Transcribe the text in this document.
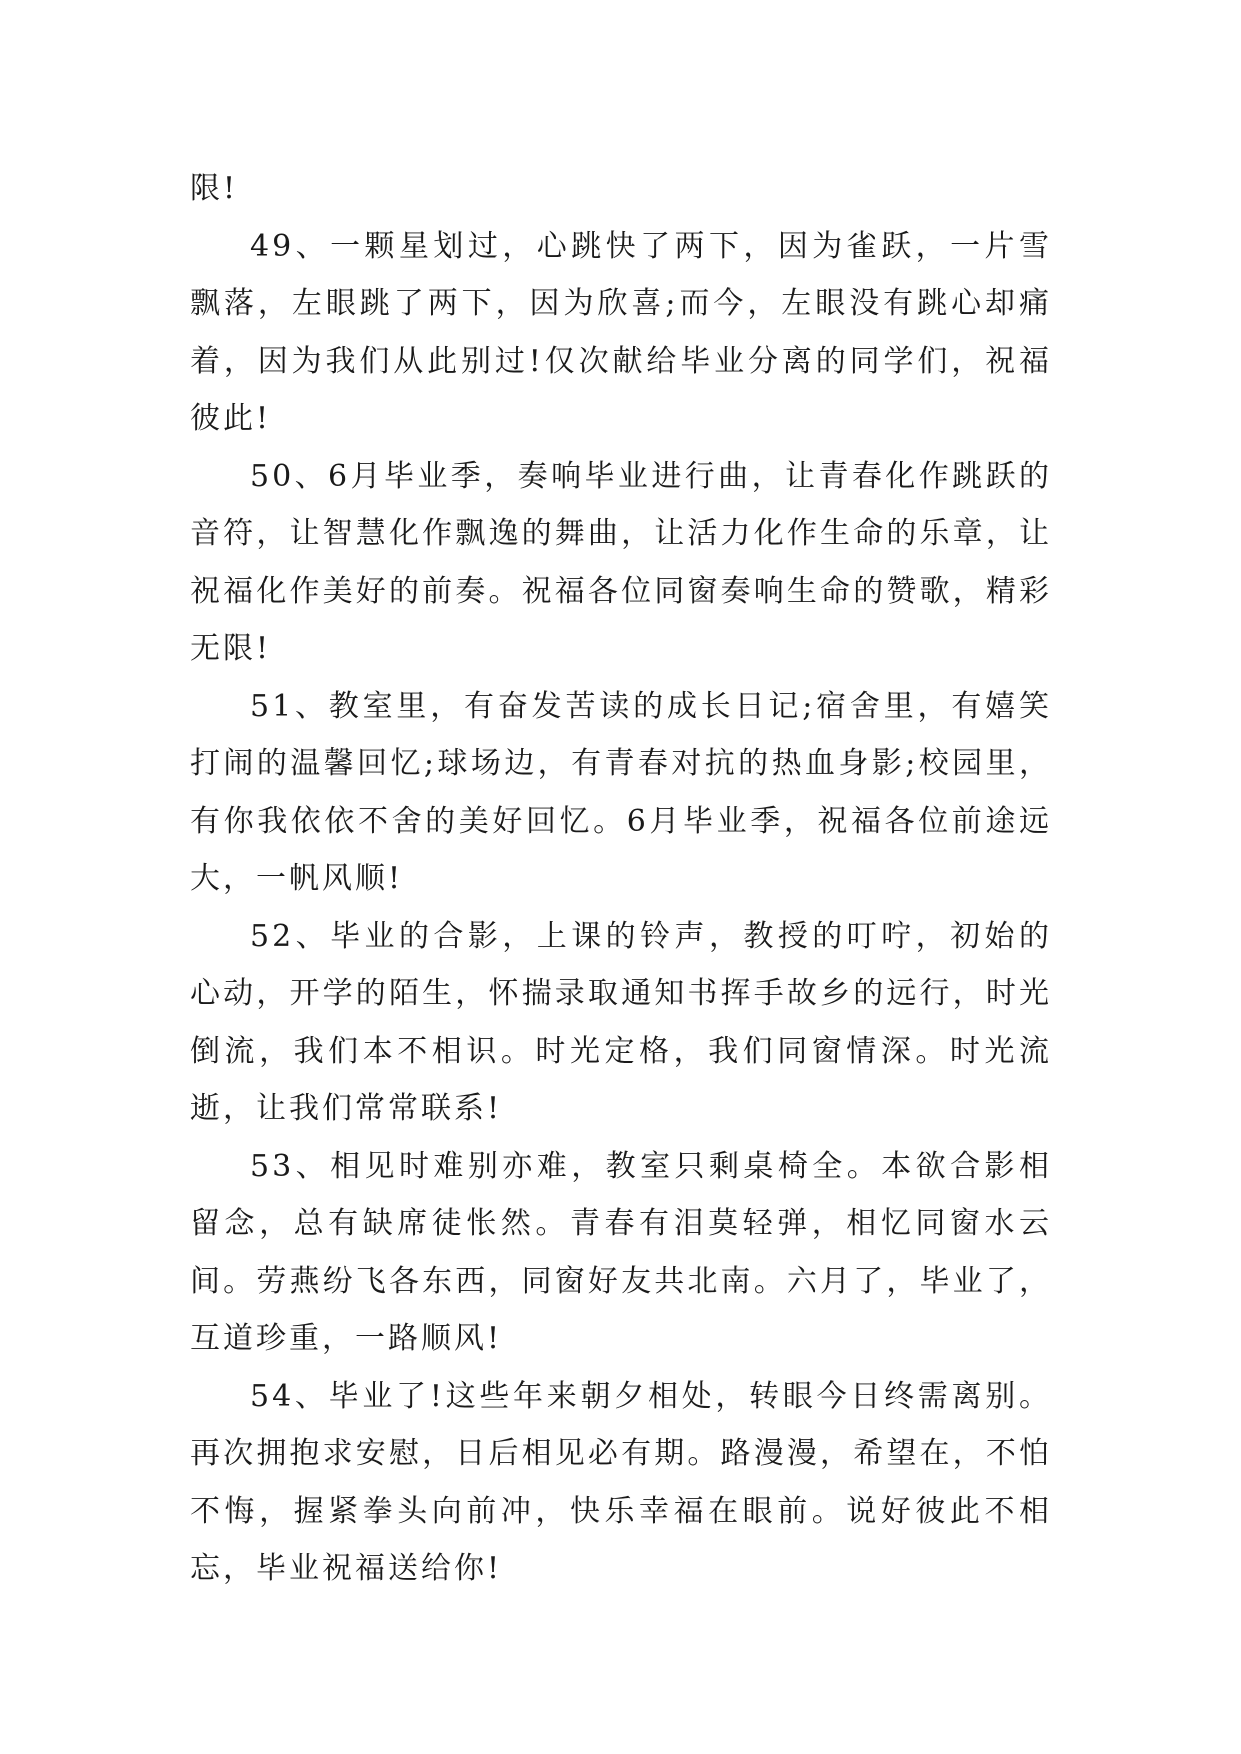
限!

49、一颗星划过，心跳快了两下，因为雀跃，一片雪飘落，左眼跳了两下，因为欣喜;而今，左眼没有跳心却痛着，因为我们从此别过!仅次献给毕业分离的同学们，祝福彼此!

50、6月毕业季，奏响毕业进行曲，让青春化作跳跃的音符，让智慧化作飘逸的舞曲，让活力化作生命的乐章，让祝福化作美好的前奏。祝福各位同窗奏响生命的赞歌，精彩无限!

51、教室里，有奋发苦读的成长日记;宿舍里，有嬉笑打闹的温馨回忆;球场边，有青春对抗的热血身影;校园里，有你我依依不舍的美好回忆。6月毕业季，祝福各位前途远大，一帆风顺!

52、毕业的合影，上课的铃声，教授的叮咛，初始的心动，开学的陌生，怀揣录取通知书挥手故乡的远行，时光倒流，我们本不相识。时光定格，我们同窗情深。时光流逝，让我们常常联系!

53、相见时难别亦难，教室只剩桌椅全。本欲合影相留念，总有缺席徒怅然。青春有泪莫轻弹，相忆同窗水云间。劳燕纷飞各东西，同窗好友共北南。六月了，毕业了，互道珍重，一路顺风!

54、毕业了!这些年来朝夕相处，转眼今日终需离别。再次拥抱求安慰，日后相见必有期。路漫漫，希望在，不怕不悔，握紧拳头向前冲，快乐幸福在眼前。说好彼此不相忘，毕业祝福送给你!
